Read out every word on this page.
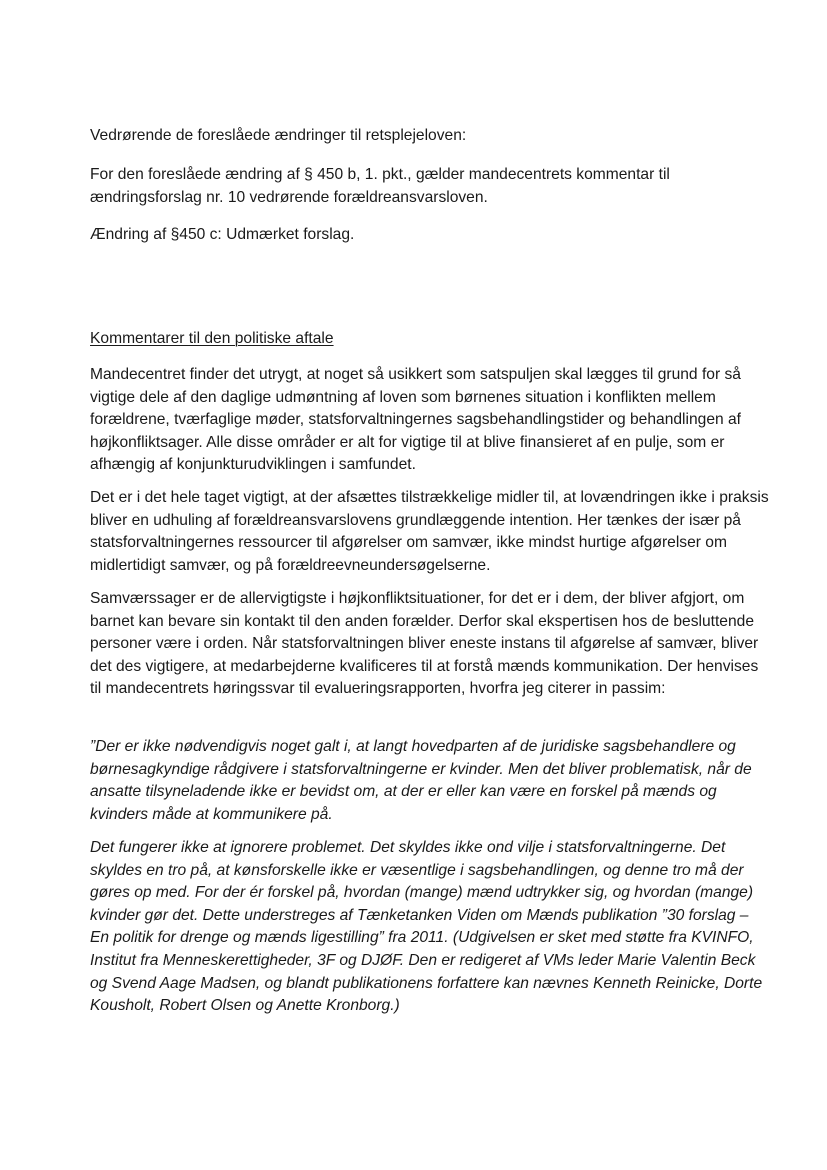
Vedrørende de foreslåede ændringer til retsplejeloven:

For den foreslåede ændring af § 450 b, 1. pkt., gælder mandecentrets kommentar til ændringsforslag nr. 10 vedrørende forældreansvarsloven.

Ændring af §450 c: Udmærket forslag.

Kommentarer til den politiske aftale

Mandecentret finder det utrygt, at noget så usikkert som satspuljen skal lægges til grund for så vigtige dele af den daglige udmøntning af loven som børnenes situation i konflikten mellem forældrene, tværfaglige møder, statsforvaltningernes sagsbehandlingstider og behandlingen af højkonfliktsager. Alle disse områder er alt for vigtige til at blive finansieret af en pulje, som er afhængig af konjunkturudviklingen i samfundet.

Det er i det hele taget vigtigt, at der afsættes tilstrækkelige midler til, at lovændringen ikke i praksis bliver en udhuling af forældreansvarslovens grundlæggende intention. Her tænkes der især på statsforvaltningernes ressourcer til afgørelser om samvær, ikke mindst hurtige afgørelser om midlertidigt samvær, og på forældreevneundersøgelserne.

Samværssager er de allervigtigste i højkonfliktsituationer, for det er i dem, der bliver afgjort, om barnet kan bevare sin kontakt til den anden forælder. Derfor skal ekspertisen hos de besluttende personer være i orden. Når statsforvaltningen bliver eneste instans til afgørelse af samvær, bliver det des vigtigere, at medarbejderne kvalificeres til at forstå mænds kommunikation. Der henvises til mandecentrets høringssvar til evalueringsrapporten, hvorfra jeg citerer in passim:

”Der er ikke nødvendigvis noget galt i, at langt hovedparten af de juridiske sagsbehandlere og børnesagkyndige rådgivere i statsforvaltningerne er kvinder. Men det bliver problematisk, når de ansatte tilsyneladende ikke er bevidst om, at der er eller kan være en forskel på mænds og kvinders måde at kommunikere på.

Det fungerer ikke at ignorere problemet. Det skyldes ikke ond vilje i statsforvaltningerne. Det skyldes en tro på, at kønsforskelle ikke er væsentlige i sagsbehandlingen, og denne tro må der gøres op med. For der ér forskel på, hvordan (mange) mænd udtrykker sig, og hvordan (mange) kvinder gør det. Dette understreges af Tænketanken Viden om Mænds publikation ”30 forslag – En politik for drenge og mænds ligestilling” fra 2011. (Udgivelsen er sket med støtte fra KVINFO, Institut fra Menneskerettigheder, 3F og DJØF. Den er redigeret af VMs leder Marie Valentin Beck og Svend Aage Madsen, og blandt publikationens forfattere kan nævnes Kenneth Reinicke, Dorte Kousholt, Robert Olsen og Anette Kronborg.)
